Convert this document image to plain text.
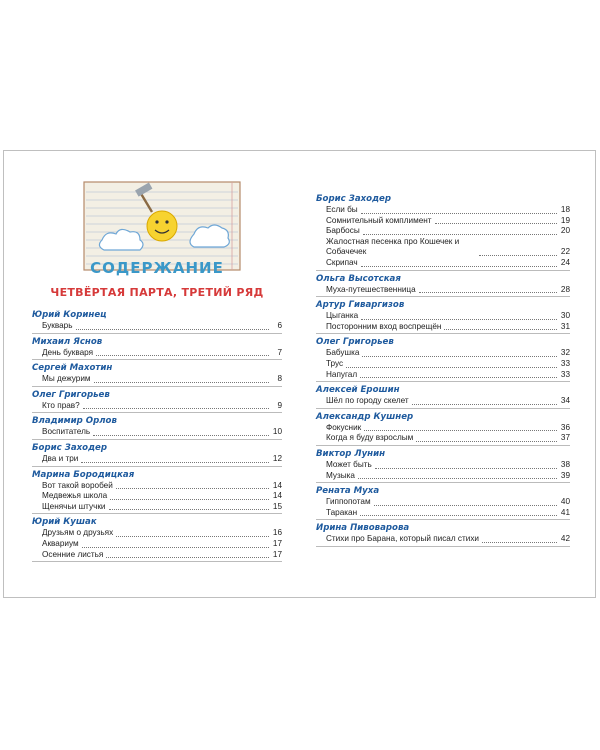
СОДЕРЖАНИЕ
ЧЕТВЁРТАЯ ПАРТА, ТРЕТИЙ РЯД
Юрий Коринец
Букварь	6
Михаил Яснов
День букваря	7
Сергей Махотин
Мы дежурим	8
Олег Григорьев
Кто прав?	9
Владимир Орлов
Воспитатель	10
Борис Заходер
Два и три	12
Марина Бородицкая
Вот такой воробей	14
Медвежья школа	14
Щенячьи штучки	15
Юрий Кушак
Друзьям о друзьях	16
Аквариум	17
Осенние листья	17
Борис Заходер
Если бы	18
Сомнительный комплимент	19
Барбосы	20
Жалостная песенка про Кошечек и Собачечек	22
Скрипач	24
Ольга Высотская
Муха-путешественница	28
Артур Гиваргизов
Цыганка	30
Посторонним вход воспрещён	31
Олег Григорьев
Бабушка	32
Трус	33
Напугал	33
Алексей Ерошин
Шёл по городу скелет	34
Александр Кушнер
Фокусник	36
Когда я буду взрослым	37
Виктор Лунин
Может быть	38
Музыка	39
Рената Муха
Гиппопотам	40
Таракан	41
Ирина Пивоварова
Стихи про Барана, который писал стихи	42
